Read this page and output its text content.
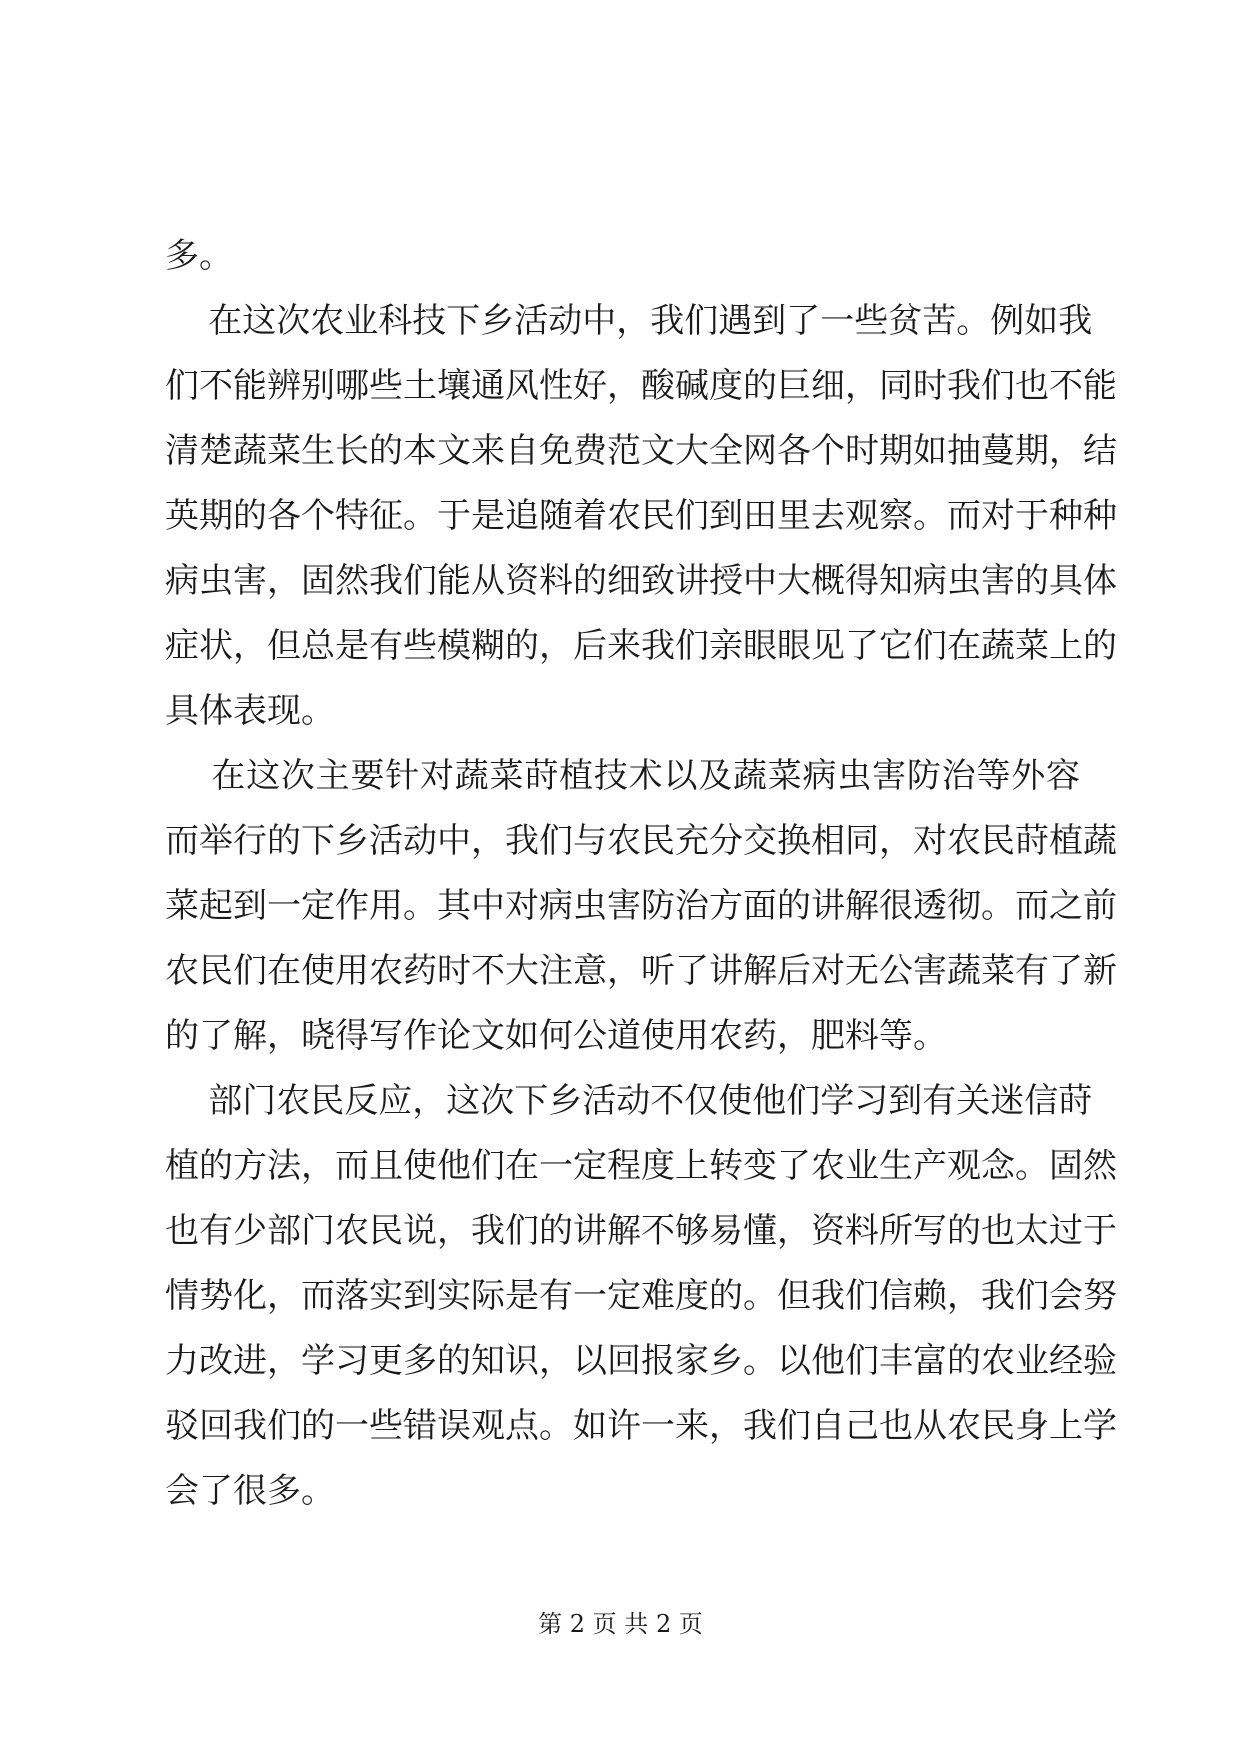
多。
在这次农业科技下乡活动中，我们遇到了一些贫苦。例如我
们不能辨别哪些土壤通风性好，酸碱度的巨细，同时我们也不能
清楚蔬菜生长的本文来自免费范文大全网各个时期如抽蔓期，结
英期的各个特征。于是追随着农民们到田里去观察。而对于种种
病虫害，固然我们能从资料的细致讲授中大概得知病虫害的具体
症状，但总是有些模糊的，后来我们亲眼眼见了它们在蔬菜上的
具体表现。
在这次主要针对蔬菜莳植技术以及蔬菜病虫害防治等外容
而举行的下乡活动中，我们与农民充分交换相同，对农民莳植蔬
菜起到一定作用。其中对病虫害防治方面的讲解很透彻。而之前
农民们在使用农药时不大注意，听了讲解后对无公害蔬菜有了新
的了解，晓得写作论文如何公道使用农药，肥料等。
部门农民反应，这次下乡活动不仅使他们学习到有关迷信莳
植的方法，而且使他们在一定程度上转变了农业生产观念。固然
也有少部门农民说，我们的讲解不够易懂，资料所写的也太过于
情势化，而落实到实际是有一定难度的。但我们信赖，我们会努
力改进，学习更多的知识，以回报家乡。以他们丰富的农业经验
驳回我们的一些错误观点。如许一来，我们自己也从农民身上学
会了很多。
第 2 页 共 2 页
